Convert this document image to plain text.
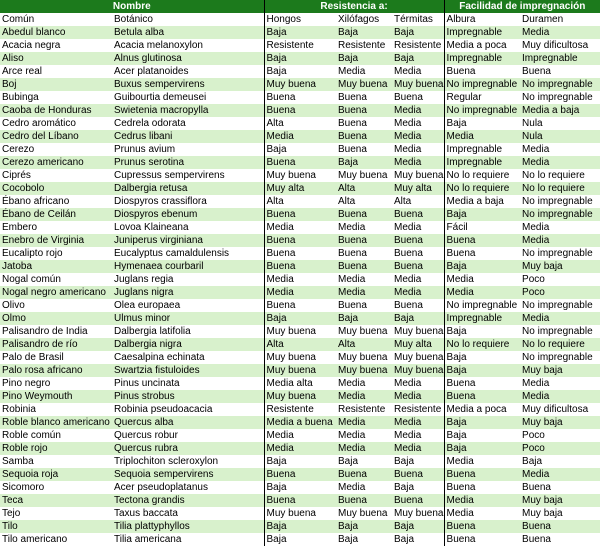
Nombre		Resistencia a:			Facilidad de impregnación	
Común	Botánico	Hongos	Xilófagos	Térmitas	Albura	Duramen
Abedul blanco	Betula alba	Baja	Baja	Baja	Impregnable	Media
Acacia negra	Acacia melanoxylon	Resistente	Resistente	Resistente	Media a poca	Muy dificultosa
Aliso	Alnus glutinosa	Baja	Baja	Baja	Impregnable	Impregnable
Arce real	Acer platanoides	Baja	Media	Media	Buena	Buena
Boj	Buxus sempervirens	Muy buena	Muy buena	Muy buena	No impregnable	No impregnable
Bubinga	Guibourtia demeusei	Buena	Buena	Buena	Regular	No impregnable
Caoba de Honduras	Swietenia macropylla	Buena	Buena	Media	No impregnable	Media a baja
Cedro aromático	Cedrela odorata	Alta	Buena	Media	Baja	Nula
Cedro del Líbano	Cedrus libani	Media	Buena	Media	Media	Nula
Cerezo	Prunus avium	Baja	Buena	Media	Impregnable	Media
Cerezo americano	Prunus serotina	Buena	Baja	Media	Impregnable	Media
Ciprés	Cupressus sempervirens	Muy buena	Muy buena	Muy buena	No lo requiere	No lo requiere
Cocobolo	Dalbergia retusa	Muy alta	Alta	Muy alta	No lo requiere	No lo requiere
Ébano africano	Diospyros crassiflora	Alta	Alta	Alta	Media a baja	No impregnable
Ébano de Ceilán	Diospyros ebenum	Buena	Buena	Buena	Baja	No impregnable
Embero	Lovoa Klaineana	Media	Media	Media	Fácil	Media
Enebro de Virginia	Juniperus virginiana	Buena	Buena	Buena	Buena	Media
Eucalipto rojo	Eucalyptus camaldulensis	Buena	Buena	Buena	Buena	No impregnable
Jatoba	Hymenaea courbaril	Buena	Buena	Buena	Baja	Muy baja
Nogal común	Juglans regia	Media	Media	Media	Media	Poco
Nogal negro americano	Juglans nigra	Media	Media	Media	Media	Poco
Olivo	Olea europaea	Buena	Buena	Buena	No impregnable	No impregnable
Olmo	Ulmus minor	Baja	Baja	Baja	Impregnable	Media
Palisandro de India	Dalbergia latifolia	Muy buena	Muy buena	Muy buena	Baja	No impregnable
Palisandro de río	Dalbergia nigra	Alta	Alta	Muy alta	No lo requiere	No lo requiere
Palo de Brasil	Caesalpina echinata	Muy buena	Muy buena	Muy buena	Baja	No impregnable
Palo rosa africano	Swartzia fistuloides	Muy buena	Muy buena	Muy buena	Baja	Muy baja
Pino negro	Pinus uncinata	Media alta	Media	Media	Buena	Media
Pino Weymouth	Pinus strobus	Muy buena	Media	Media	Buena	Media
Robinia	Robinia pseudoacacia	Resistente	Resistente	Resistente	Media a poca	Muy dificultosa
Roble blanco americano	Quercus alba	Media a buena	Media	Media	Baja	Muy baja
Roble común	Quercus robur	Media	Media	Media	Baja	Poco
Roble rojo	Quercus rubra	Media	Media	Media	Baja	Poco
Samba	Triplochiton scleroxylon	Baja	Baja	Baja	Media	Baja
Sequoia roja	Sequoia sempervirens	Buena	Buena	Buena	Buena	Media
Sicomoro	Acer pseudoplatanus	Baja	Media	Baja	Buena	Buena
Teca	Tectona grandis	Buena	Buena	Buena	Media	Muy baja
Tejo	Taxus baccata	Muy buena	Muy buena	Muy buena	Media	Muy baja
Tilo	Tilia plattyphyllos	Baja	Baja	Baja	Buena	Buena
Tilo americano	Tilia americana	Baja	Baja	Baja	Buena	Buena
